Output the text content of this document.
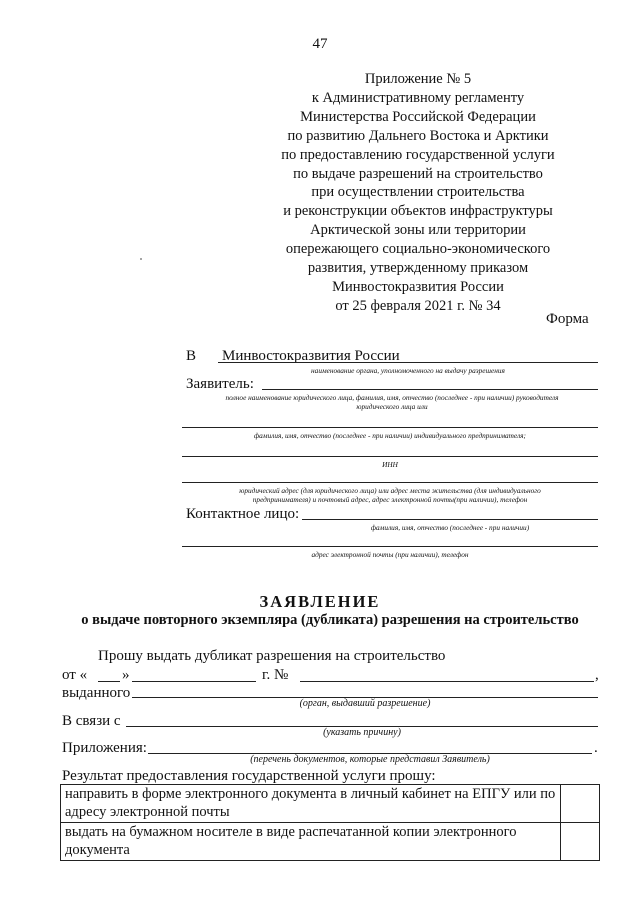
47
Приложение № 5
к Административному регламенту
Министерства Российской Федерации
по развитию Дальнего Востока и Арктики
по предоставлению государственной услуги
по выдаче разрешений на строительство
при осуществлении строительства
и реконструкции объектов инфраструктуры
Арктической зоны или территории
опережающего социально-экономического
развития, утвержденному приказом
Минвостокразвития России
от 25 февраля 2021 г. № 34
Форма
В Минвостокразвития России
наименование органа, уполномоченного на выдачу разрешения
Заявитель:
полное наименование юридического лица, фамилия, имя, отчество (последнее - при наличии) руководителя
юридического лица или
фамилия, имя, отчество (последнее - при наличии) индивидуального предпринимателя;
ИНН
юридический адрес (для юридического лица) или адрес места жительства (для индивидуального
предпринимателя) и почтовый адрес, адрес электронной почты(при наличии), телефон
Контактное лицо:
фамилия, имя, отчество (последнее - при наличии)
адрес электронной почты (при наличии), телефон
ЗАЯВЛЕНИЕ
о выдаче повторного экземпляра (дубликата) разрешения на строительство
Прошу выдать дубликат разрешения на строительство
от « »	г. №	,
выданного
(орган, выдавший разрешение)
В связи с
(указать причину)
Приложения:	.
(перечень документов, которые представил Заявитель)
Результат предоставления государственной услуги прошу:
направить в форме электронного документа в личный кабинет на ЕПГУ или по адресу электронной почты	
выдать на бумажном носителе в виде распечатанной копии электронного документа	
